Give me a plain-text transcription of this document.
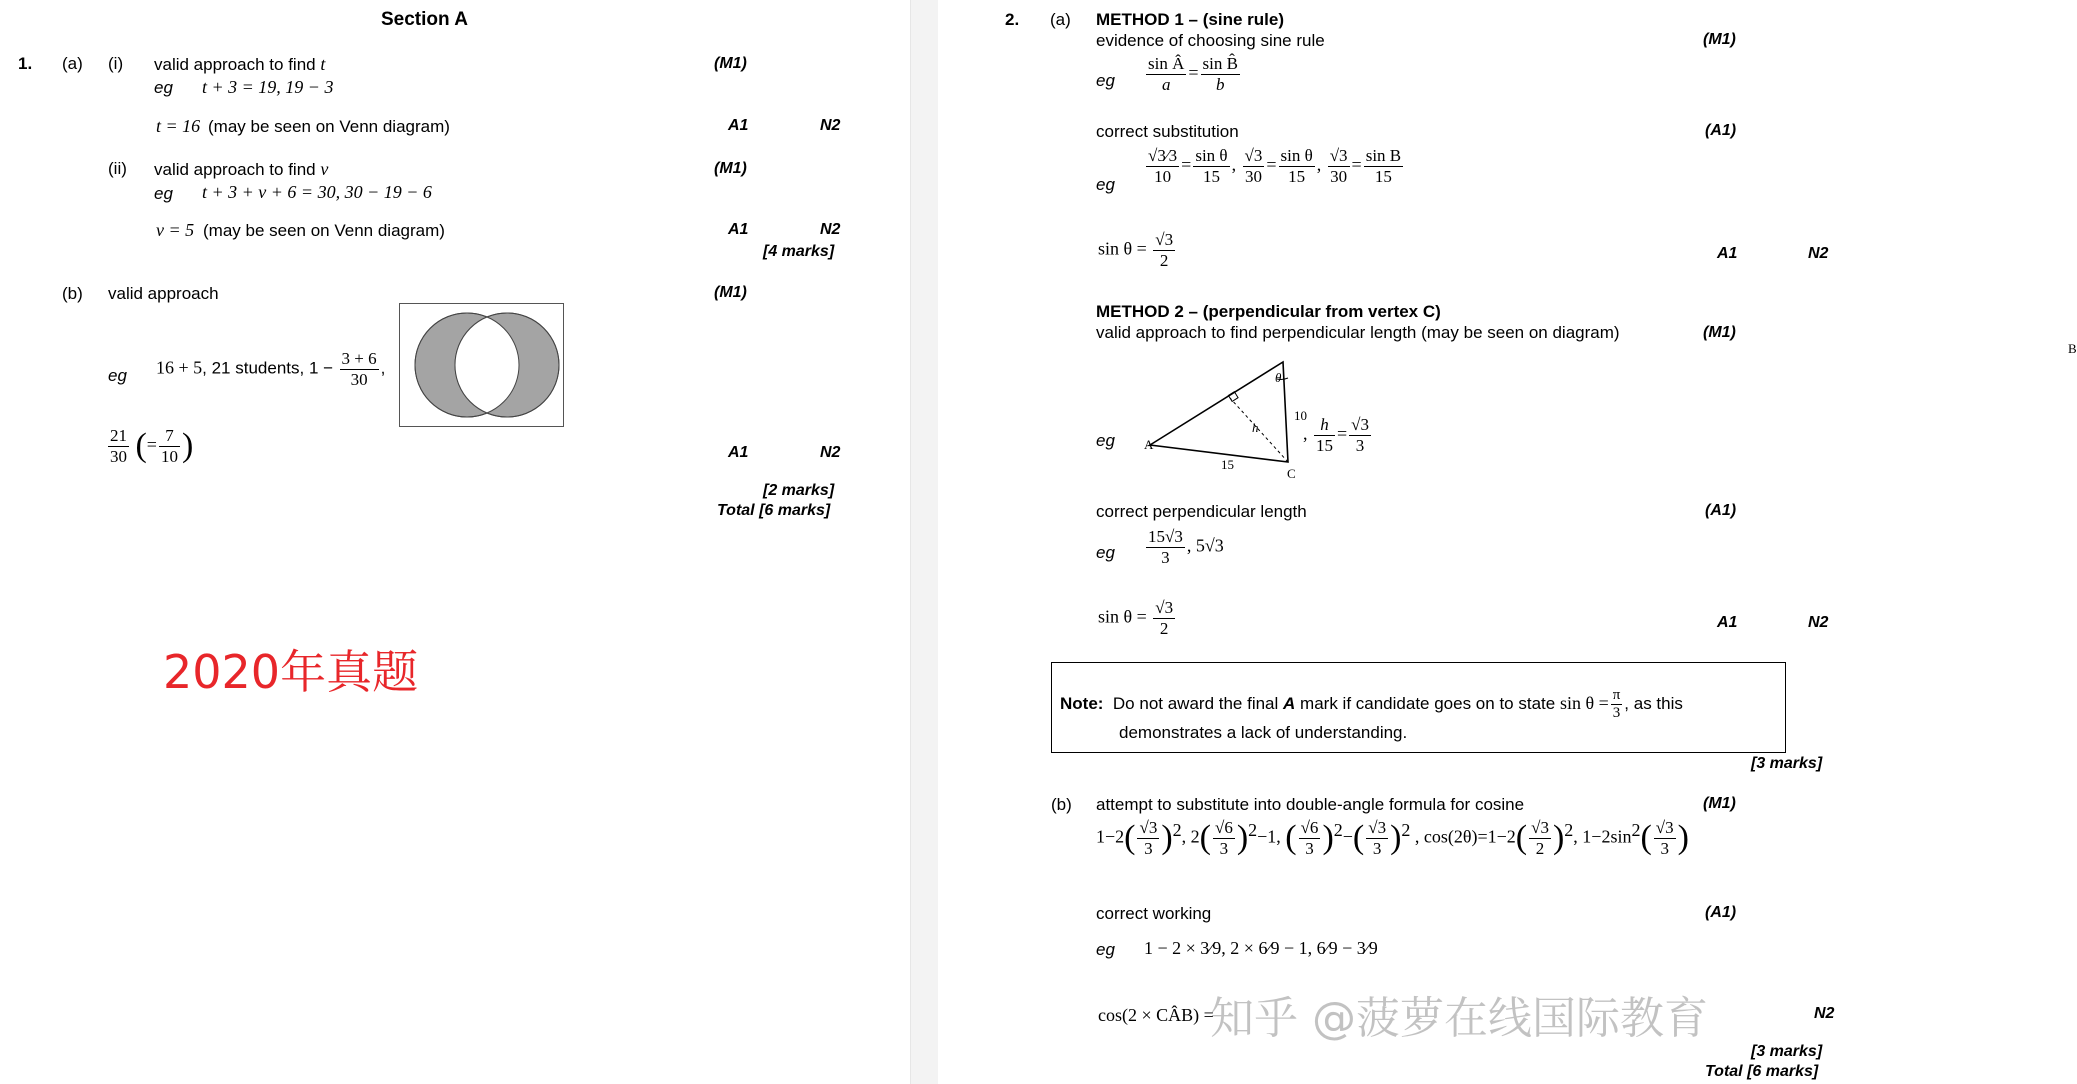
Section A
1. (a) (i) valid approach to find t	(M1)
eg t + 3 = 19, 19 − 3
t = 16 (may be seen on Venn diagram)	A1	N2
(ii) valid approach to find v	(M1)
eg t + 3 + v + 6 = 30, 30 − 19 − 6
v = 5 (may be seen on Venn diagram)	A1	N2
[4 marks]
(b) valid approach	(M1)
eg 16 + 5, 21 students, $1 - \frac{3 + 6}{30}$ ,
$\frac{21}{30}$ (= $\frac{7}{10}$ )	A1	N2
[2 marks]
Total [6 marks]
2020年真题
2. (a) METHOD 1 – (sine rule)
evidence of choosing sine rule	(M1)
eg $\frac{\text{sin Â}}{a} = \frac{\text{sin B̂}}{b}$
correct substitution	(A1)
eg $\frac{√3⁄3}{10} = \frac{\text{sin θ}}{15}$ , $\frac{√3}{30} = \frac{\text{sin θ}}{15}$ , $\frac{√3}{30} = \frac{\text{sin B}}{15}$
$\sin \theta = \frac{√3}{2}$	A1	N2
METHOD 2 – (perpendicular from vertex C)
valid approach to find perpendicular length (may be seen on diagram)	(M1)
B
A
C
10
15
h
θ
eg	, $\frac{h}{15} = \frac{√3}{3}$
correct perpendicular length	(A1)
eg $\frac{15√3}{3}$ , 5√3
$\sin \theta = \frac{√3}{2}$	A1	N2
Note: Do not award the final A mark if candidate goes on to state $\sin \theta = \frac{\pi}{3}$ , as this
demonstrates a lack of understanding.
[3 marks]
(b) attempt to substitute into double-angle formula for cosine	(M1)
$1-2( \frac{√3}{3} )^2$, $2( \frac{√6}{3} )^2-1$, ( $\frac{√6}{3} )^2-( \frac{√3}{3} )^2$ , $\cos(2\theta)=1-2( \frac{√3}{2} )^2$, $1-2\sin^2( \frac{√3}{3}$ )
correct working	(A1)
eg 1 − 2 × 3⁄9, 2 × 6⁄9 − 1, 6⁄9 − 3⁄9
cos(2 × CÂB) =	N2
[3 marks]
Total [6 marks]
知乎 @菠萝在线国际教育
